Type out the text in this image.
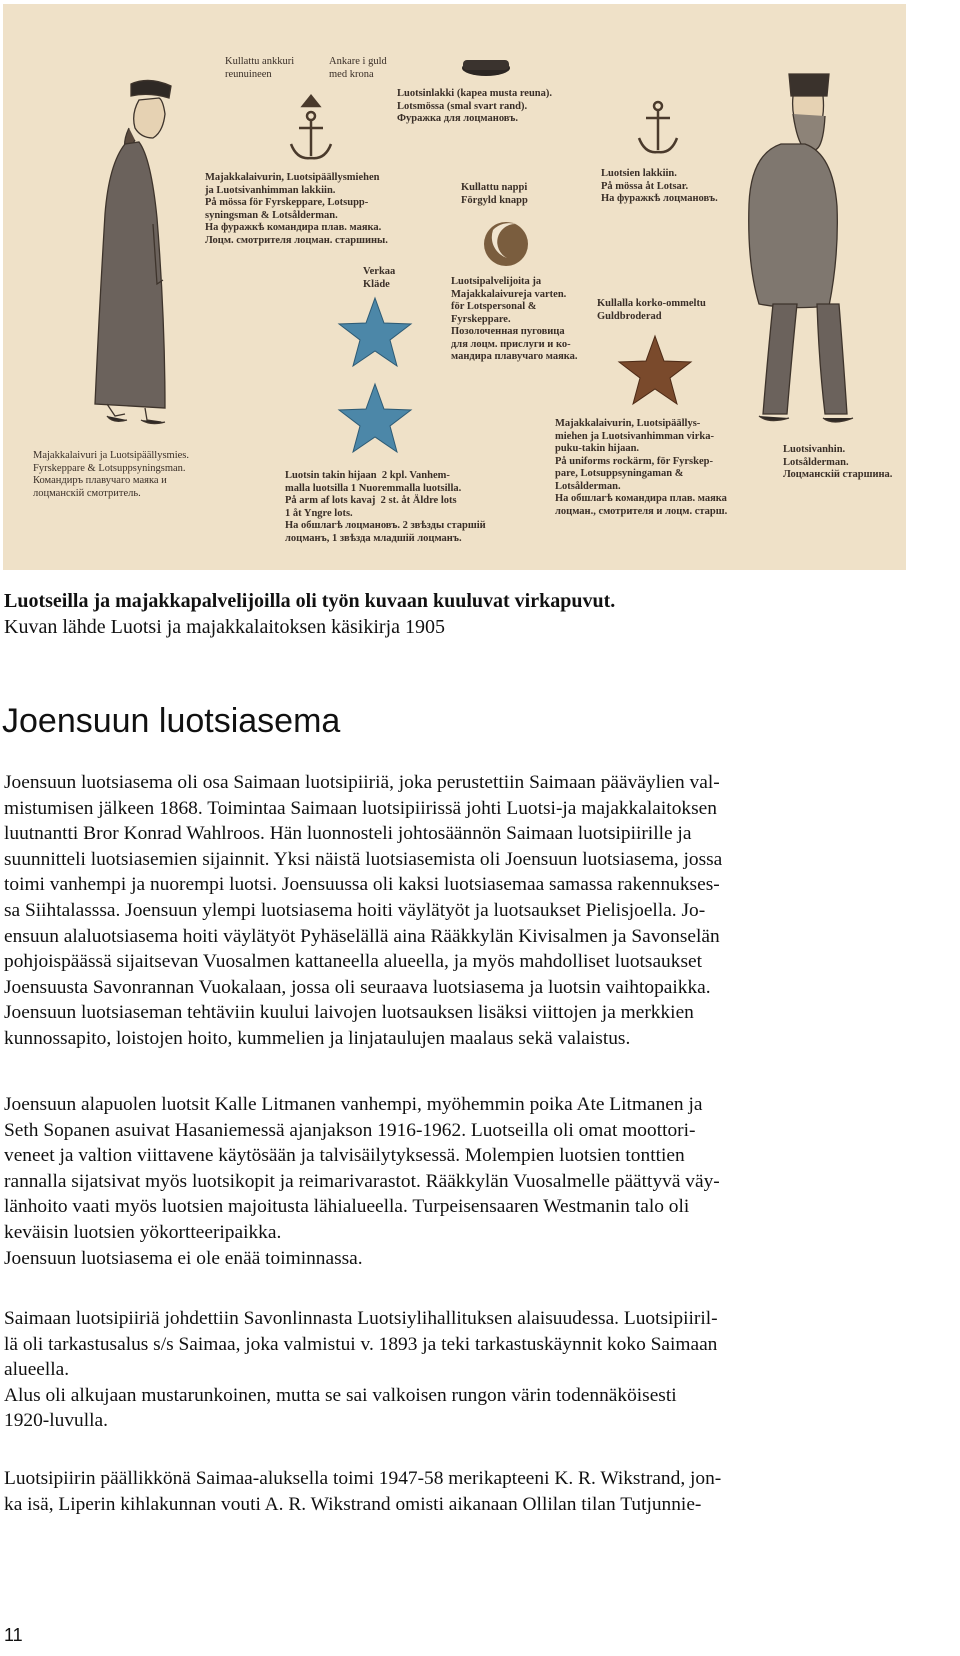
Kullattu ankkuri
reunuineen
Ankare i guld
med krona
Luotsinlakki (kapea musta reuna).
Lotsmössa (smal svart rand).
Фуражка для лоцмановъ.
Majakkalaivurin, Luotsipäällysmiehen
ja Luotsivanhimman lakkiin.
På mössa för Fyrskeppare, Lotsupp-
syningsman & Lotsålderman.
На фуражкѣ командира плав. маяка.
Лоцм. смотрителя лоцман. старшины.
Kullattu nappi
Förgyld knapp
Luotsien lakkiin.
På mössa åt Lotsar.
На фуражкѣ лоцмановъ.
Verkaa
Kläde	Luotsipalvelijoita ja
Majakkalaivureja varten.
för Lotspersonal &
Fyrskeppare.
Позолоченная пуговица
для лоцм. прислуги и ко-
мандира плавучаго маяка.
Kullalla korko-ommeltu
Guldbroderad
Majakkalaivurin, Luotsipäällys-
miehen ja Luotsivanhimman virka-
puku-takin hijaan.
På uniforms rockärm, för Fyrskep-
pare, Lotsuppsyningaman &
Lotsålderman.
На обшлагѣ командира плав. маяка
лоцман., смотрителя и лоцм. старш.
Majakkalaivuri ja Luotsipäällysmies.
Fyrskeppare & Lotsuppsyningsman.
Командиръ плавучаго маяка и
лоцманскій смотритель.
Luotsin takin hijaan  2 kpl. Vanhem-
malla luotsilla 1 Nuoremmalla luotsilla.
På arm af lots kavaj  2 st. åt Äldre lots
1 åt Yngre lots.
На обшлагѣ лоцмановъ. 2 звѣзды старшій
лоцманъ, 1 звѣзда младшій лоцманъ.
Luotsivanhin.
Lotsålderman.
Лоцманскій старшина.
Luotseilla ja majakkapalvelijoilla oli työn kuvaan kuuluvat virkapuvut.
Kuvan lähde Luotsi ja majakkalaitoksen käsikirja 1905
Joensuun luotsiasema
Joensuun luotsiasema oli osa Saimaan luotsipiiriä, joka perustettiin Saimaan pääväylien val-
mistumisen jälkeen 1868. Toimintaa Saimaan luotsipiirissä johti Luotsi-ja majakkalaitoksen
luutnantti Bror Konrad Wahlroos. Hän luonnosteli johtosäännön Saimaan luotsipiirille ja
suunnitteli luotsiasemien sijainnit. Yksi näistä luotsiasemista oli Joensuun luotsiasema, jossa
toimi vanhempi ja nuorempi luotsi. Joensuussa oli kaksi luotsiasemaa samassa rakennukses-
sa Siihtalasssa. Joensuun ylempi luotsiasema hoiti väylätyöt ja luotsaukset Pielisjoella. Jo-
ensuun alaluotsiasema hoiti väylätyöt Pyhäselällä aina Rääkkylän Kivisalmen ja Savonselän
pohjoispäässä sijaitsevan Vuosalmen kattaneella alueella, ja myös mahdolliset luotsaukset
Joensuusta Savonrannan Vuokalaan, jossa oli seuraava luotsiasema ja luotsin vaihtopaikka.
Joensuun luotsiaseman tehtäviin kuului laivojen luotsauksen lisäksi viittojen ja merkkien
kunnossapito, loistojen hoito, kummelien ja linjataulujen maalaus sekä valaistus.
Joensuun alapuolen luotsit Kalle Litmanen vanhempi, myöhemmin poika Ate Litmanen ja
Seth Sopanen asuivat Hasaniemessä ajanjakson 1916-1962. Luotseilla oli omat moottori-
veneet ja valtion viittavene käytösään ja talvisäilytyksessä. Molempien luotsien tonttien
rannalla sijatsivat myös luotsikopit ja reimarivarastot. Rääkkylän Vuosalmelle päättyvä väy-
länhoito vaati myös luotsien majoitusta lähialueella. Turpeisensaaren Westmanin talo oli
keväisin luotsien yökortteeripaikka.
Joensuun luotsiasema ei ole enää toiminnassa.
Saimaan luotsipiiriä johdettiin Savonlinnasta Luotsiylihallituksen alaisuudessa. Luotsipiiril-
lä oli tarkastusalus s/s Saimaa, joka valmistui v. 1893 ja teki tarkastuskäynnit koko Saimaan
alueella.
Alus oli alkujaan mustarunkoinen, mutta se sai valkoisen rungon värin todennäköisesti
1920-luvulla.
Luotsipiirin päällikkönä Saimaa-aluksella toimi 1947-58 merikapteeni K. R. Wikstrand, jon-
ka isä, Liperin kihlakunnan vouti A. R. Wikstrand omisti aikanaan Ollilan tilan Tutjunnie-
11
